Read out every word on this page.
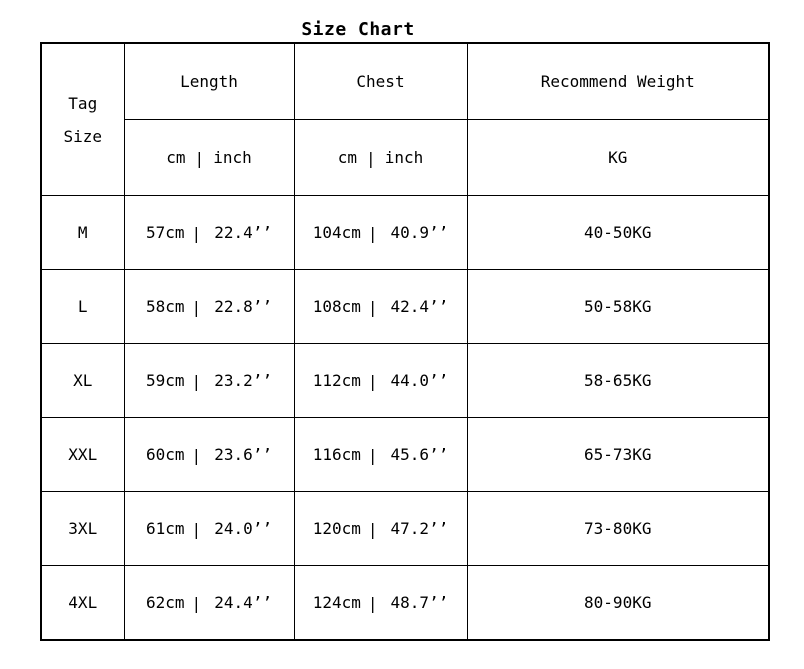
Size Chart
Tag
Size	Length	Chest	Recommend Weight
	cm | inch	cm | inch	KG
M	57cm | 22.4’’	104cm | 40.9’’	40-50KG
L	58cm | 22.8’’	108cm | 42.4’’	50-58KG
XL	59cm | 23.2’’	112cm | 44.0’’	58-65KG
XXL	60cm | 23.6’’	116cm | 45.6’’	65-73KG
3XL	61cm | 24.0’’	120cm | 47.2’’	73-80KG
4XL	62cm | 24.4’’	124cm | 48.7’’	80-90KG
